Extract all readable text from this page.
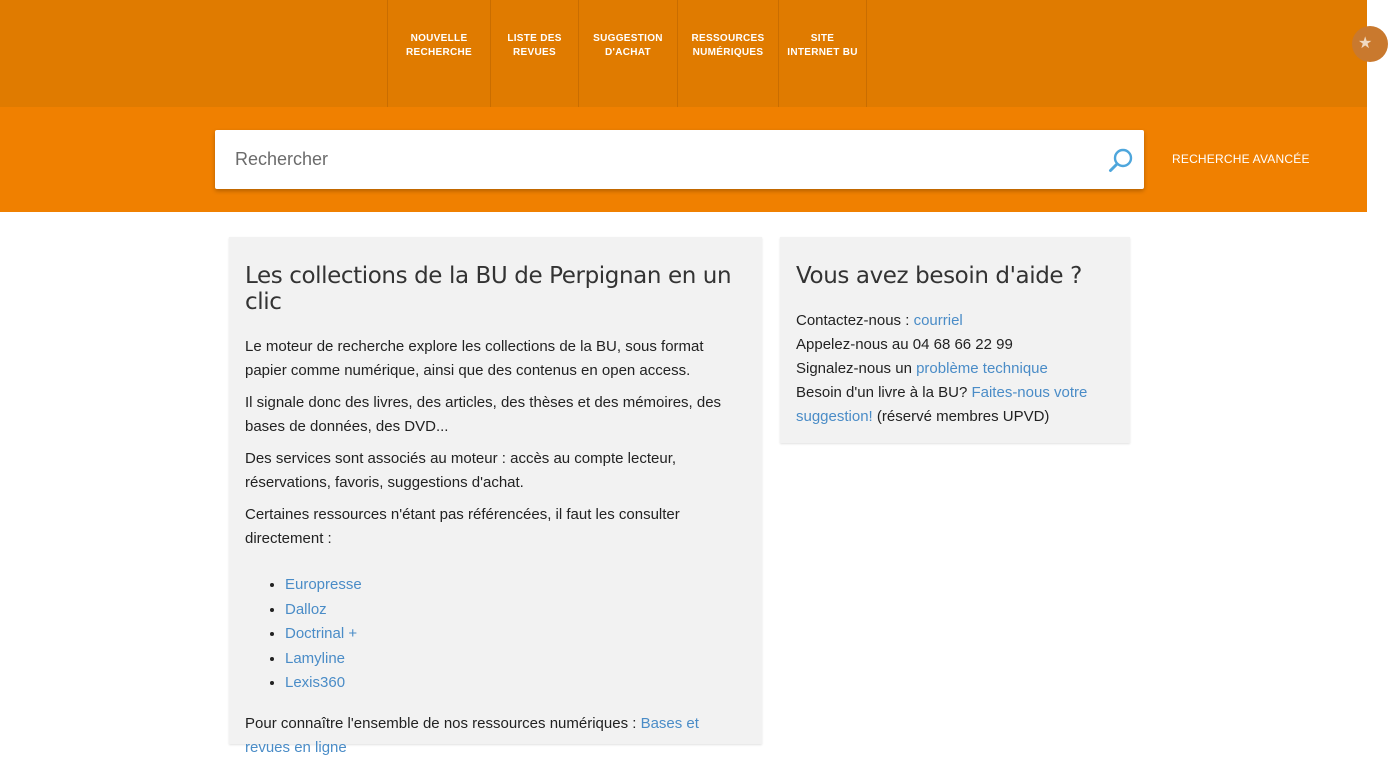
NOUVELLE
RECHERCHE
LISTE DES
REVUES
SUGGESTION
D'ACHAT
RESSOURCES
NUMÉRIQUES
SITE
INTERNET BU
★
Rechercher
RECHERCHE AVANCÉE
Les collections de la BU de Perpignan en un clic

Le moteur de recherche explore les collections de la BU, sous format papier comme numérique, ainsi que des contenus en open access.

Il signale donc des livres, des articles, des thèses et des mémoires, des bases de données, des DVD...

Des services sont associés au moteur : accès au compte lecteur, réservations, favoris, suggestions d'achat.

Certaines ressources n'étant pas référencées, il faut les consulter directement :

• Europresse
• Dalloz
• Doctrinal +
• Lamyline
• Lexis360

Pour connaître l'ensemble de nos ressources numériques : Bases et revues en ligne

Vous avez besoin d'aide ?

Contactez-nous : courriel

Appelez-nous au 04 68 66 22 99

Signalez-nous un problème technique

Besoin d'un livre à la BU? Faites-nous votre suggestion! (réservé membres UPVD)
